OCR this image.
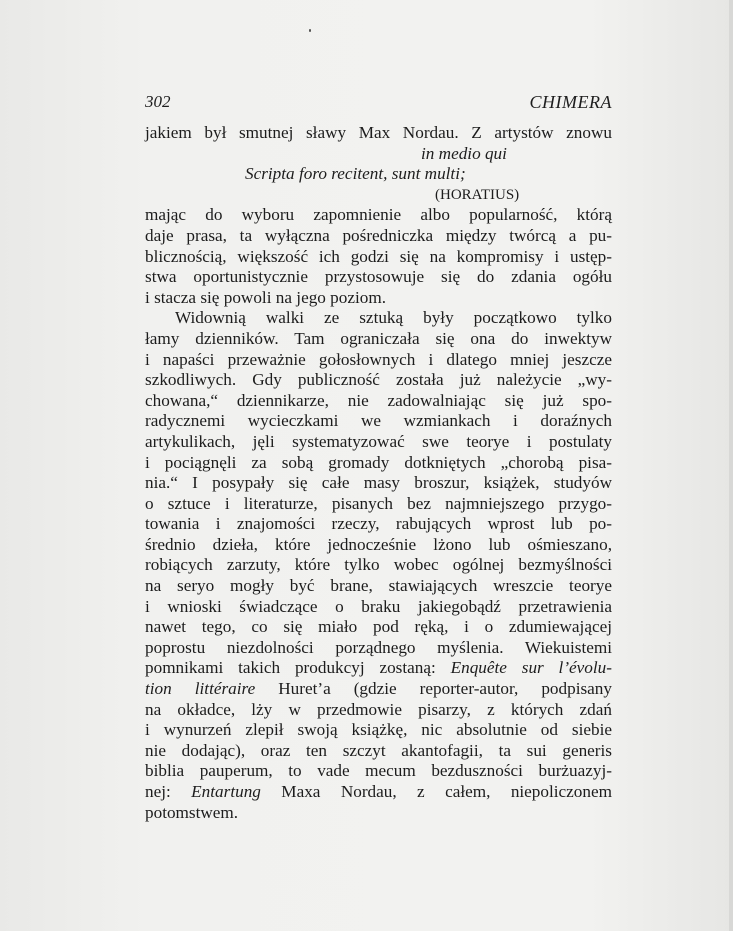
302	CHIMERA
jakiem był smutnej sławy Max Nordau. Z artystów znowu
in medio qui
Scripta foro recitent, sunt multi;
(HORATIUS)
mając do wyboru zapomnienie albo popularność, którą
daje prasa, ta wyłączna pośredniczka między twórcą a pu-
blicznością, większość ich godzi się na kompromisy i ustęp-
stwa oportunistycznie przystosowuje się do zdania ogółu
i stacza się powoli na jego poziom.
Widownią walki ze sztuką były początkowo tylko
łamy dzienników. Tam ograniczała się ona do inwektyw
i napaści przeważnie gołosłownych i dlatego mniej jeszcze
szkodliwych. Gdy publiczność została już należycie „wy-
chowana,“ dziennikarze, nie zadowalniając się już spo-
radycznemi wycieczkami we wzmiankach i doraźnych
artykulikach, jęli systematyzować swe teorye i postulaty
i pociągnęli za sobą gromady dotkniętych „chorobą pisa-
nia.“ I posypały się całe masy broszur, książek, studyów
o sztuce i literaturze, pisanych bez najmniejszego przygo-
towania i znajomości rzeczy, rabujących wprost lub po-
średnio dzieła, które jednocześnie lżono lub ośmieszano,
robiących zarzuty, które tylko wobec ogólnej bezmyślności
na seryo mogły być brane, stawiających wreszcie teorye
i wnioski świadczące o braku jakiegobądź przetrawienia
nawet tego, co się miało pod ręką, i o zdumiewającej
poprostu niezdolności porządnego myślenia. Wiekuistemi
pomnikami takich produkcyj zostaną: Enquête sur l’évolu-
tion littéraire Huret’a (gdzie reporter-autor, podpisany
na okładce, lży w przedmowie pisarzy, z których zdań
i wynurzeń zlepił swoją książkę, nic absolutnie od siebie
nie dodając), oraz ten szczyt akantofagii, ta sui generis
biblia pauperum, to vade mecum bezduszności burżuazyj-
nej: Entartung Maxa Nordau, z całem, niepoliczonem
potomstwem.
